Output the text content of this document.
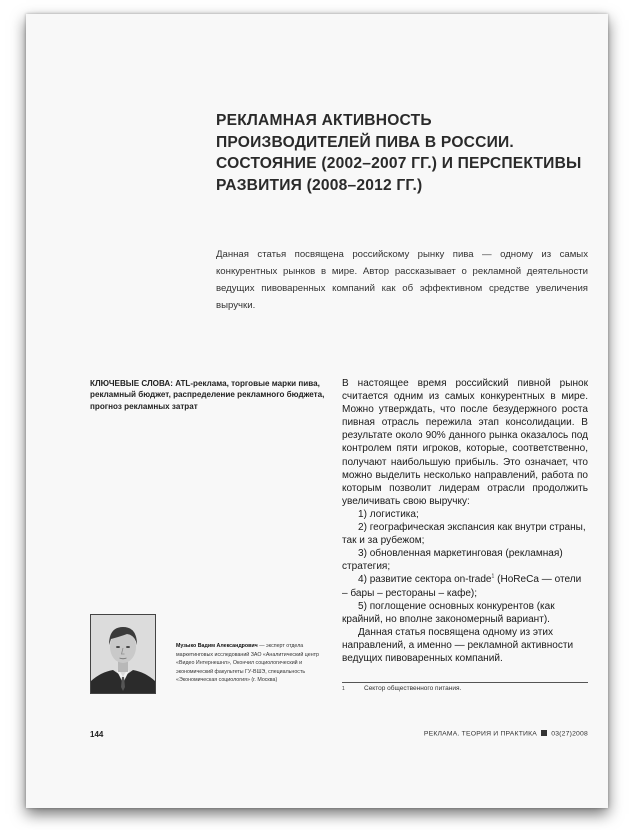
РЕКЛАМНАЯ АКТИВНОСТЬ ПРОИЗВОДИТЕЛЕЙ ПИВА В РОССИИ. СОСТОЯНИЕ (2002–2007 ГГ.) И ПЕРСПЕКТИВЫ РАЗВИТИЯ (2008–2012 ГГ.)

Данная статья посвящена российскому рынку пива — одному из самых конкурентных рынков в мире. Автор рассказывает о рекламной деятельности ведущих пивоваренных компаний как об эффективном средстве увеличения выручки.

КЛЮЧЕВЫЕ СЛОВА: ATL-реклама, торговые марки пива, рекламный бюджет, распределение рекламного бюджета, прогноз рекламных затрат

В настоящее время российский пивной рынок считается одним из самых конкурентных в мире. Можно утверждать, что после безудержного роста пивная отрасль пережила этап консолидации. В результате около 90% данного рынка оказалось под контролем пяти игроков, которые, соответственно, получают наибольшую прибыль. Это означает, что можно выделить несколько направлений, работа по которым позволит лидерам отрасли продолжить увеличивать свою выручку:

1) логистика;

2) географическая экспансия как внутри страны, так и за рубежом;

3) обновленная маркетинговая (рекламная) стратегия;

4) развитие сектора on-trade$^1$ (HoReCa — отели – бары – рестораны – кафе);

5) поглощение основных конкурентов (как крайний, но вполне закономерный вариант).

Данная статья посвящена одному из этих направлений, а именно — рекламной активности ведущих пивоваренных компаний.

1	Сектор общественного питания.
Музыко Вадим Александрович — эксперт отдела маркетинговых исследований ЗАО «Аналитический центр «Видео Интернешнл», Окончил социологический и экономический факультеты ГУ-ВШЭ, специальность «Экономическая социология» (г. Москва)
144	РЕКЛАМА. ТЕОРИЯ И ПРАКТИКА 03(27)2008
